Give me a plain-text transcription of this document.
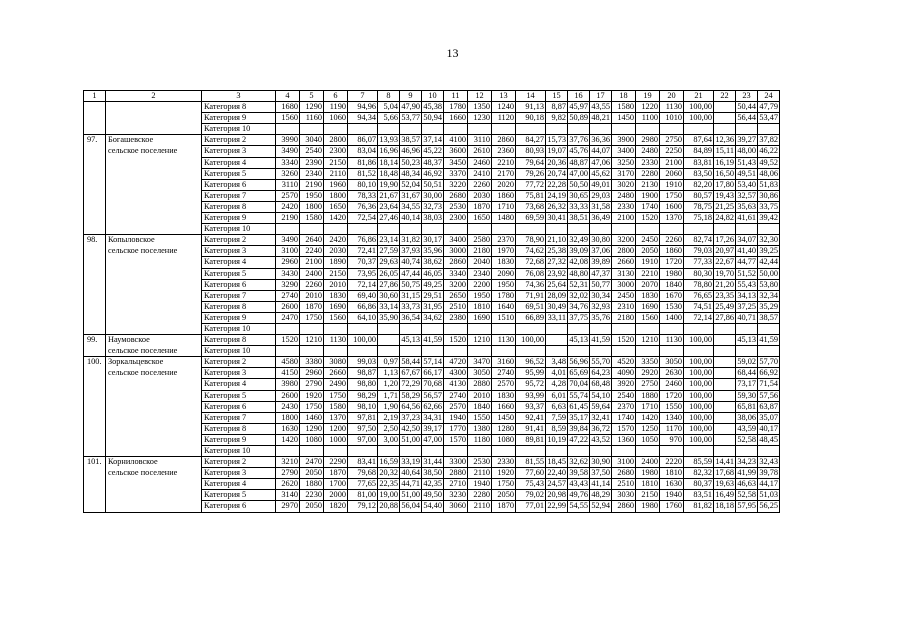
13
1	2	3	4	5	6	7	8	9	10	11	12	13	14	15	16	17	18	19	20	21	22	23	24
		Категория 8	1680	1290	1190	94,96	5,04	47,90	45,38	1780	1350	1240	91,13	8,87	45,97	43,55	1580	1220	1130	100,00		50,44	47,79
		Категория 9	1560	1160	1060	94,34	5,66	53,77	50,94	1660	1230	1120	90,18	9,82	50,89	48,21	1450	1100	1010	100,00		56,44	53,47
		Категория 10																					
97.	Богашевское	Категория 2	3990	3040	2800	86,07	13,93	38,57	37,14	4100	3110	2860	84,27	15,73	37,76	36,36	3900	2980	2750	87,64	12,36	39,27	37,82
	сельское поселение	Категория 3	3490	2540	2300	83,04	16,96	46,96	45,22	3600	2610	2360	80,93	19,07	45,76	44,07	3400	2480	2250	84,89	15,11	48,00	46,22
		Категория 4	3340	2390	2150	81,86	18,14	50,23	48,37	3450	2460	2210	79,64	20,36	48,87	47,06	3250	2330	2100	83,81	16,19	51,43	49,52
		Категория 5	3260	2340	2110	81,52	18,48	48,34	46,92	3370	2410	2170	79,26	20,74	47,00	45,62	3170	2280	2060	83,50	16,50	49,51	48,06
		Категория 6	3110	2190	1960	80,10	19,90	52,04	50,51	3220	2260	2020	77,72	22,28	50,50	49,01	3020	2130	1910	82,20	17,80	53,40	51,83
		Категория 7	2570	1950	1800	78,33	21,67	31,67	30,00	2680	2030	1860	75,81	24,19	30,65	29,03	2480	1900	1750	80,57	19,43	32,57	30,86
		Категория 8	2420	1800	1650	76,36	23,64	34,55	32,73	2530	1870	1710	73,68	26,32	33,33	31,58	2330	1740	1600	78,75	21,25	35,63	33,75
		Категория 9	2190	1580	1420	72,54	27,46	40,14	38,03	2300	1650	1480	69,59	30,41	38,51	36,49	2100	1520	1370	75,18	24,82	41,61	39,42
		Категория 10																					
98.	Копыловское	Категория 2	3490	2640	2420	76,86	23,14	31,82	30,17	3400	2580	2370	78,90	21,10	32,49	30,80	3200	2450	2260	82,74	17,26	34,07	32,30
	сельское поселение	Категория 3	3100	2240	2030	72,41	27,59	37,93	35,96	3000	2180	1970	74,62	25,38	39,09	37,06	2800	2050	1860	79,03	20,97	41,40	39,25
		Категория 4	2960	2100	1890	70,37	29,63	40,74	38,62	2860	2040	1830	72,68	27,32	42,08	39,89	2660	1910	1720	77,33	22,67	44,77	42,44
		Категория 5	3430	2400	2150	73,95	26,05	47,44	46,05	3340	2340	2090	76,08	23,92	48,80	47,37	3130	2210	1980	80,30	19,70	51,52	50,00
		Категория 6	3290	2260	2010	72,14	27,86	50,75	49,25	3200	2200	1950	74,36	25,64	52,31	50,77	3000	2070	1840	78,80	21,20	55,43	53,80
		Категория 7	2740	2010	1830	69,40	30,60	31,15	29,51	2650	1950	1780	71,91	28,09	32,02	30,34	2450	1830	1670	76,65	23,35	34,13	32,34
		Категория 8	2600	1870	1690	66,86	33,14	33,73	31,95	2510	1810	1640	69,51	30,49	34,76	32,93	2310	1690	1530	74,51	25,49	37,25	35,29
		Категория 9	2470	1750	1560	64,10	35,90	36,54	34,62	2380	1690	1510	66,89	33,11	37,75	35,76	2180	1560	1400	72,14	27,86	40,71	38,57
		Категория 10																					
99.	Наумовское	Категория 8	1520	1210	1130	100,00		45,13	41,59	1520	1210	1130	100,00		45,13	41,59	1520	1210	1130	100,00		45,13	41,59
	сельское поселение	Категория 10																					
100.	Зоркальцевское	Категория 2	4580	3380	3080	99,03	0,97	58,44	57,14	4720	3470	3160	96,52	3,48	56,96	55,70	4520	3350	3050	100,00		59,02	57,70
	сельское поселение	Категория 3	4150	2960	2660	98,87	1,13	67,67	66,17	4300	3050	2740	95,99	4,01	65,69	64,23	4090	2920	2630	100,00		68,44	66,92
		Категория 4	3980	2790	2490	98,80	1,20	72,29	70,68	4130	2880	2570	95,72	4,28	70,04	68,48	3920	2750	2460	100,00		73,17	71,54
		Категория 5	2600	1920	1750	98,29	1,71	58,29	56,57	2740	2010	1830	93,99	6,01	55,74	54,10	2540	1880	1720	100,00		59,30	57,56
		Категория 6	2430	1750	1580	98,10	1,90	64,56	62,66	2570	1840	1660	93,37	6,63	61,45	59,64	2370	1710	1550	100,00		65,81	63,87
		Категория 7	1800	1460	1370	97,81	2,19	37,23	34,31	1940	1550	1450	92,41	7,59	35,17	32,41	1740	1420	1340	100,00		38,06	35,07
		Категория 8	1630	1290	1200	97,50	2,50	42,50	39,17	1770	1380	1280	91,41	8,59	39,84	36,72	1570	1250	1170	100,00		43,59	40,17
		Категория 9	1420	1080	1000	97,00	3,00	51,00	47,00	1570	1180	1080	89,81	10,19	47,22	43,52	1360	1050	970	100,00		52,58	48,45
		Категория 10																					
101.	Корниловское	Категория 2	3210	2470	2290	83,41	16,59	33,19	31,44	3300	2530	2330	81,55	18,45	32,62	30,90	3100	2400	2220	85,59	14,41	34,23	32,43
	сельское поселение	Категория 3	2790	2050	1870	79,68	20,32	40,64	38,50	2880	2110	1920	77,60	22,40	39,58	37,50	2680	1980	1810	82,32	17,68	41,99	39,78
		Категория 4	2620	1880	1700	77,65	22,35	44,71	42,35	2710	1940	1750	75,43	24,57	43,43	41,14	2510	1810	1630	80,37	19,63	46,63	44,17
		Категория 5	3140	2230	2000	81,00	19,00	51,00	49,50	3230	2280	2050	79,02	20,98	49,76	48,29	3030	2150	1940	83,51	16,49	52,58	51,03
		Категория 6	2970	2050	1820	79,12	20,88	56,04	54,40	3060	2110	1870	77,01	22,99	54,55	52,94	2860	1980	1760	81,82	18,18	57,95	56,25
